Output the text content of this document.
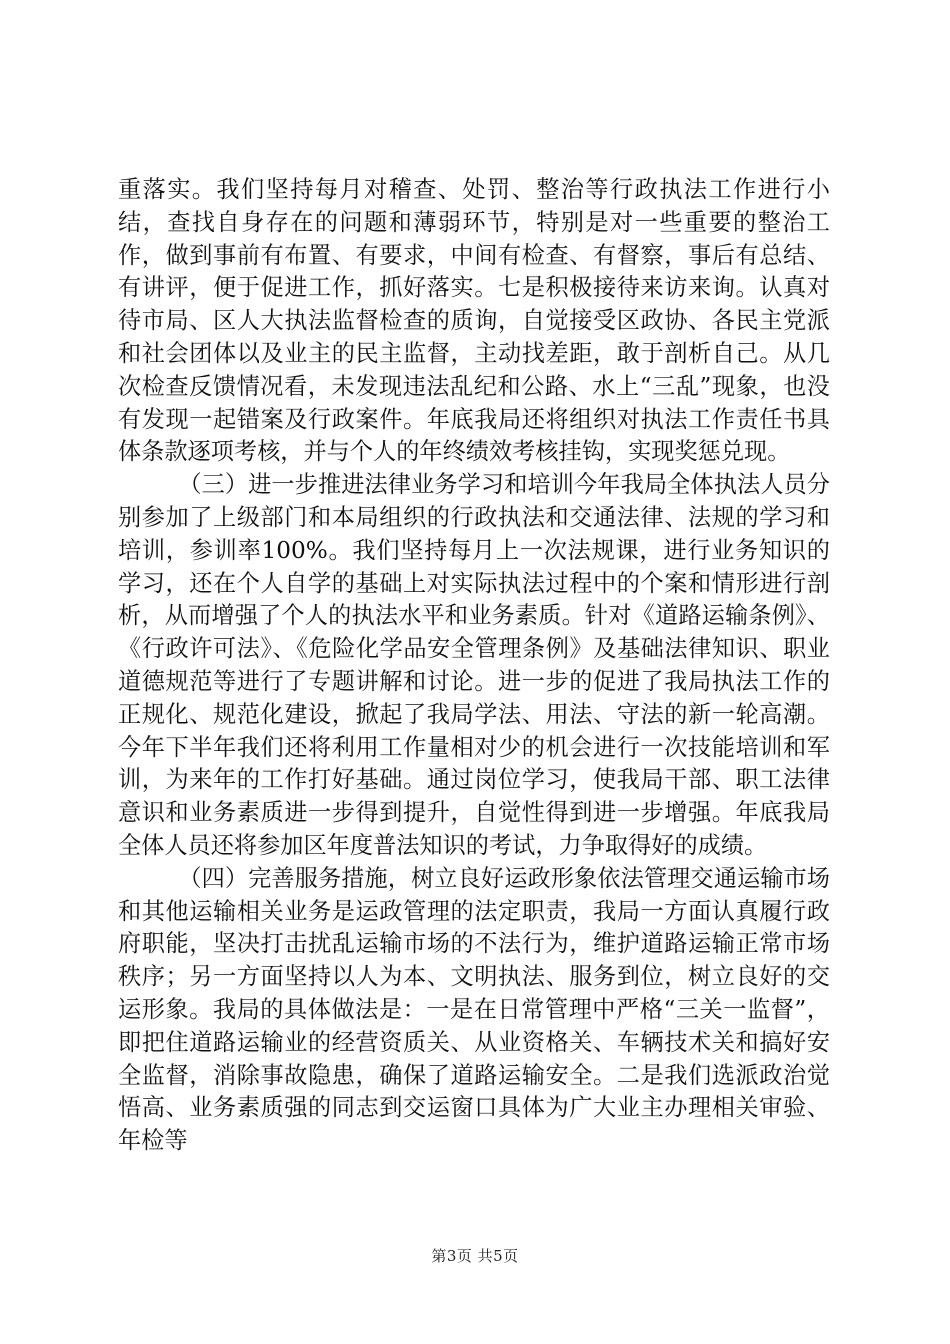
重落实。我们坚持每月对稽查、处罚、整治等行政执法工作进行小结，查找自身存在的问题和薄弱环节，特别是对一些重要的整治工作，做到事前有布置、有要求，中间有检查、有督察，事后有总结、有讲评，便于促进工作，抓好落实。七是积极接待来访来询。认真对待市局、区人大执法监督检查的质询，自觉接受区政协、各民主党派和社会团体以及业主的民主监督，主动找差距，敢于剖析自己。从几次检查反馈情况看，未发现违法乱纪和公路、水上“三乱”现象，也没有发现一起错案及行政案件。年底我局还将组织对执法工作责任书具体条款逐项考核，并与个人的年终绩效考核挂钩，实现奖惩兑现。

（三）进一步推进法律业务学习和培训今年我局全体执法人员分别参加了上级部门和本局组织的行政执法和交通法律、法规的学习和培训，参训率100%。我们坚持每月上一次法规课，进行业务知识的学习，还在个人自学的基础上对实际执法过程中的个案和情形进行剖析，从而增强了个人的执法水平和业务素质。针对《道路运输条例》、《行政许可法》、《危险化学品安全管理条例》及基础法律知识、职业道德规范等进行了专题讲解和讨论。进一步的促进了我局执法工作的正规化、规范化建设，掀起了我局学法、用法、守法的新一轮高潮。今年下半年我们还将利用工作量相对少的机会进行一次技能培训和军训，为来年的工作打好基础。通过岗位学习，使我局干部、职工法律意识和业务素质进一步得到提升，自觉性得到进一步增强。年底我局全体人员还将参加区年度普法知识的考试，力争取得好的成绩。

（四）完善服务措施，树立良好运政形象依法管理交通运输市场和其他运输相关业务是运政管理的法定职责，我局一方面认真履行政府职能，坚决打击扰乱运输市场的不法行为，维护道路运输正常市场秩序；另一方面坚持以人为本、文明执法、服务到位，树立良好的交运形象。我局的具体做法是：一是在日常管理中严格“三关一监督”，即把住道路运输业的经营资质关、从业资格关、车辆技术关和搞好安全监督，消除事故隐患，确保了道路运输安全。二是我们选派政治觉悟高、业务素质强的同志到交运窗口具体为广大业主办理相关审验、年检等

第3页 共5页
